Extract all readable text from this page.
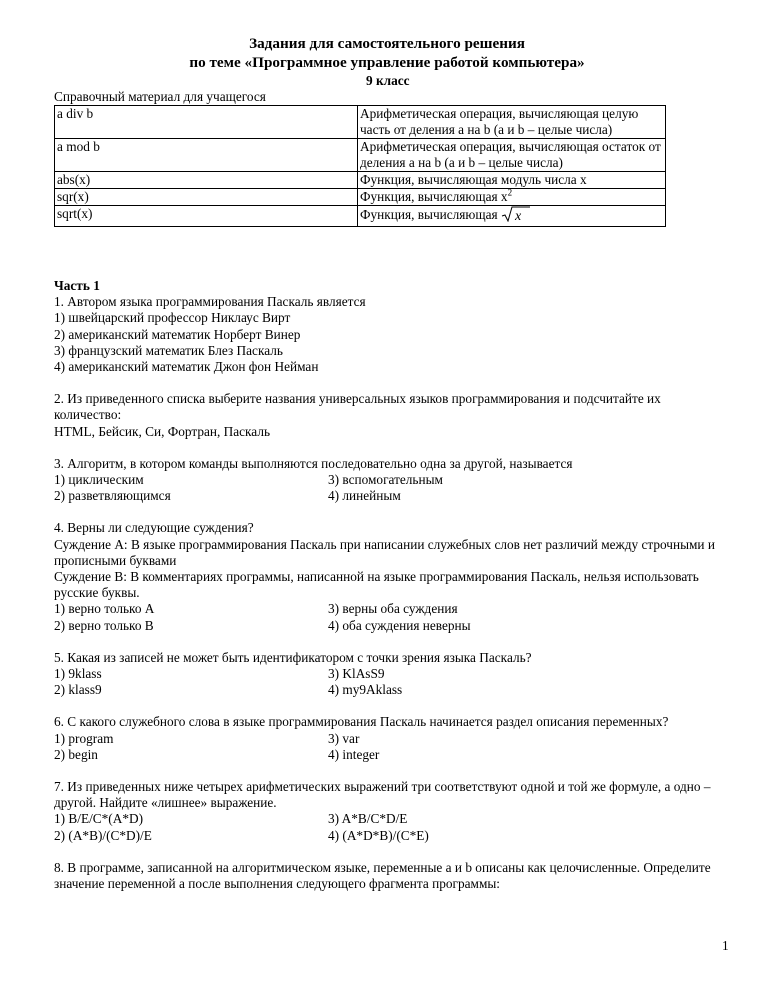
Задания для самостоятельного решения
по теме «Программное управление работой компьютера»
9 класс
Справочный материал для учащегося
a div b	Арифметическая операция, вычисляющая целую часть от деления a на b (a и b – целые числа)
a mod b	Арифметическая операция, вычисляющая остаток от деления a на b (a и b – целые числа)
abs(x)	Функция, вычисляющая модуль числа x
sqr(x)	Функция, вычисляющая $x^2$
sqrt(x)	Функция, вычисляющая x

Часть 1

1. Автором языка программирования Паскаль является

1) швейцарский профессор Никлаус Вирт

2) американский математик Норберт Винер

3) французский математик Блез Паскаль

4) американский математик Джон фон Нейман

2. Из приведенного списка выберите названия универсальных языков программирования и подсчитайте их количество:

HTML, Бейсик, Си, Фортран, Паскаль

3. Алгоритм, в котором команды выполняются последовательно одна за другой, называется

1) циклическим	3) вспомогательным
2) разветвляющимся	4) линейным

4. Верны ли следующие суждения?

Суждение А: В языке программирования Паскаль при написании служебных слов нет различий между строчными и прописными буквами

Суждение В: В комментариях программы, написанной на языке программирования Паскаль, нельзя использовать русские буквы.

1) верно только А	3) верны оба суждения
2) верно только В	4) оба суждения неверны

5. Какая из записей не может быть идентификатором с точки зрения языка Паскаль?

1) 9klass	3) KlAsS9
2) klass9	4) my9Aklass

6. С какого служебного слова в языке программирования Паскаль начинается раздел описания переменных?

1) program	3) var
2) begin	4) integer

7. Из приведенных ниже четырех арифметических выражений три соответствуют одной и той же формуле, а одно – другой. Найдите «лишнее» выражение.

1) B/E/C*(A*D)	3) A*B/C*D/E
2) (A*B)/(C*D)/E	4) (A*D*B)/(C*E)

8. В программе, записанной на алгоритмическом языке, переменные a и b описаны как целочисленные. Определите значение переменной a после выполнения следующего фрагмента программы:

1
